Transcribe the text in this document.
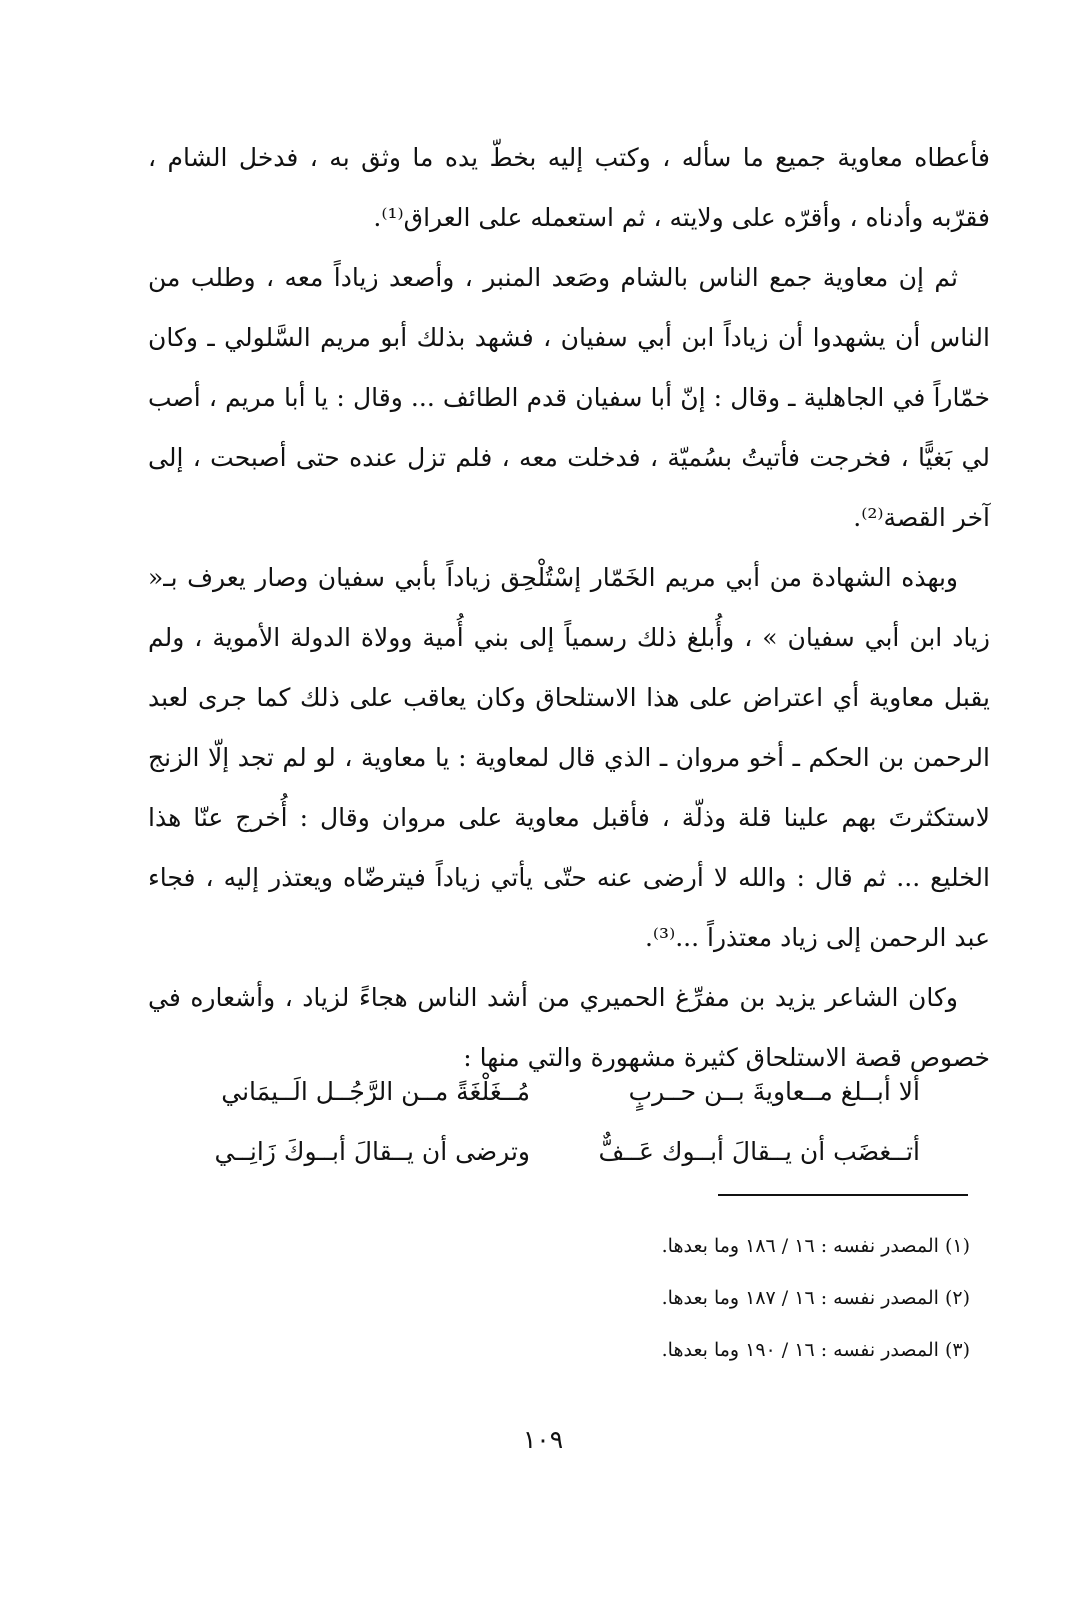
فأعطاه معاوية جميع ما سأله ، وكتب إليه بخطّ يده ما وثق به ، فدخل الشام ، فقرّبه وأدناه ، وأقرّه على ولايته ، ثم استعمله على العراق⁽¹⁾.

ثم إن معاوية جمع الناس بالشام وصَعد المنبر ، وأصعد زياداً معه ، وطلب من الناس أن يشهدوا أن زياداً ابن أبي سفيان ، فشهد بذلك أبو مريم السَّلولي ـ وكان خمّاراً في الجاهلية ـ وقال : إنّ أبا سفيان قدم الطائف ... وقال : يا أبا مريم ، أصب لي بَغيًّا ، فخرجت فأتيتُ بسُميّة ، فدخلت معه ، فلم تزل عنده حتى أصبحت ، إلى آخر القصة⁽²⁾.

وبهذه الشهادة من أبي مريم الخَمّار إسْتُلْحِق زياداً بأبي سفيان وصار يعرف بـ« زياد ابن أبي سفيان » ، وأُبلغ ذلك رسمياً إلى بني أُمية وولاة الدولة الأموية ، ولم يقبل معاوية أي اعتراض على هذا الاستلحاق وكان يعاقب على ذلك كما جرى لعبد الرحمن بن الحكم ـ أخو مروان ـ الذي قال لمعاوية : يا معاوية ، لو لم تجد إلّا الزنج لاستكثرتَ بهم علينا قلة وذلّة ، فأقبل معاوية على مروان وقال : أُخرج عنّا هذا الخليع ... ثم قال : والله لا أرضى عنه حتّى يأتي زياداً فيترضّاه ويعتذر إليه ، فجاء عبد الرحمن إلى زياد معتذراً ...⁽³⁾.

وكان الشاعر يزيد بن مفرِّغ الحميري من أشد الناس هجاءً لزياد ، وأشعاره في خصوص قصة الاستلحاق كثيرة مشهورة والتي منها :

ألا أبــلغ مــعاويةَ بــن حــربٍ
مُــغَلْغَةً مــن الرَّجُــل الَــيمَاني
أتــغضَب أن يــقالَ أبــوك عَــفٌّ
وترضى أن يــقالَ أبــوكَ زَانِــي

(١) المصدر نفسه : ١٦ / ١٨٦ وما بعدها.

(٢) المصدر نفسه : ١٦ / ١٨٧ وما بعدها.

(٣) المصدر نفسه : ١٦ / ١٩٠ وما بعدها.

١٠٩
